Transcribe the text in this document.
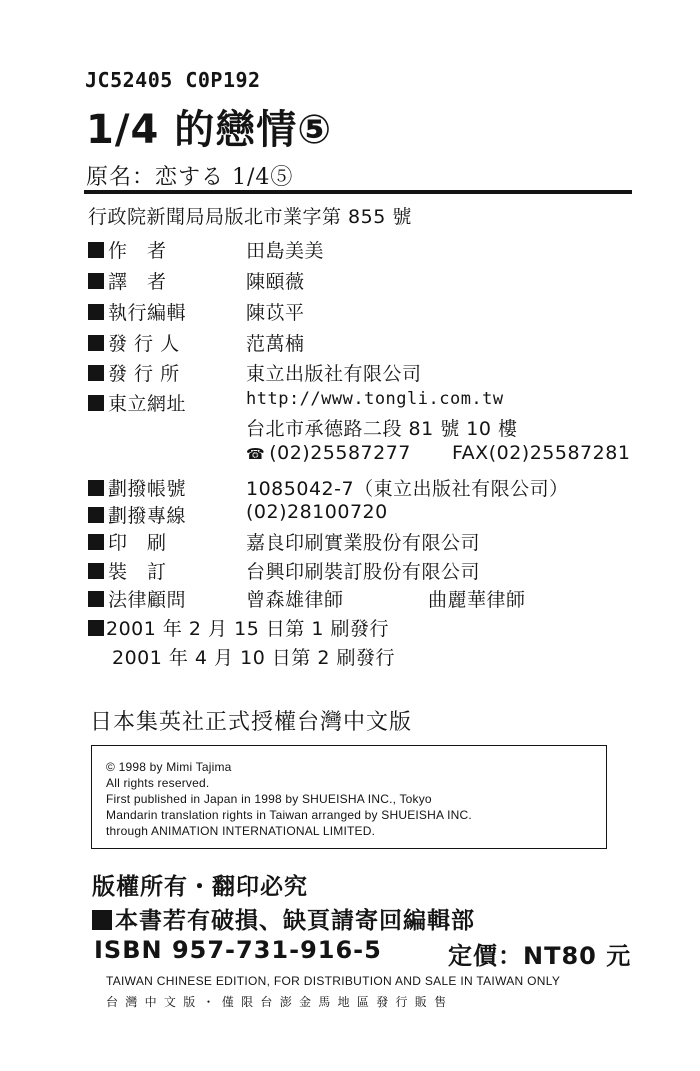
JC52405 C0P192
1/4 的戀情⑤
原名：恋する 1/4⑤
行政院新聞局局版北市業字第 855 號
作　者	田島美美
譯　者	陳頤薇
執行編輯	陳苡平
發 行 人	范萬楠
發 行 所	東立出版社有限公司
東立網址	http://www.tongli.com.tw
台北市承德路二段 81 號 10 樓
☎ (02)25587277 FAX(02)25587281
劃撥帳號	1085042-7（東立出版社有限公司）
劃撥專線	(02)28100720
印　刷	嘉良印刷實業股份有限公司
裝　訂	台興印刷裝訂股份有限公司
法律顧問	曾森雄律師	曲麗華律師
2001 年 2 月 15 日第 1 刷發行
2001 年 4 月 10 日第 2 刷發行
日本集英社正式授權台灣中文版
© 1998 by Mimi Tajima
All rights reserved.
First published in Japan in 1998 by SHUEISHA INC., Tokyo
Mandarin translation rights in Taiwan arranged by SHUEISHA INC.
through ANIMATION INTERNATIONAL LIMITED.
版權所有・翻印必究
本書若有破損、缺頁請寄回編輯部
ISBN 957-731-916-5	定價：NT80 元
TAIWAN CHINESE EDITION, FOR DISTRIBUTION AND SALE IN TAIWAN ONLY
台灣中文版・僅限台澎金馬地區發行販售
